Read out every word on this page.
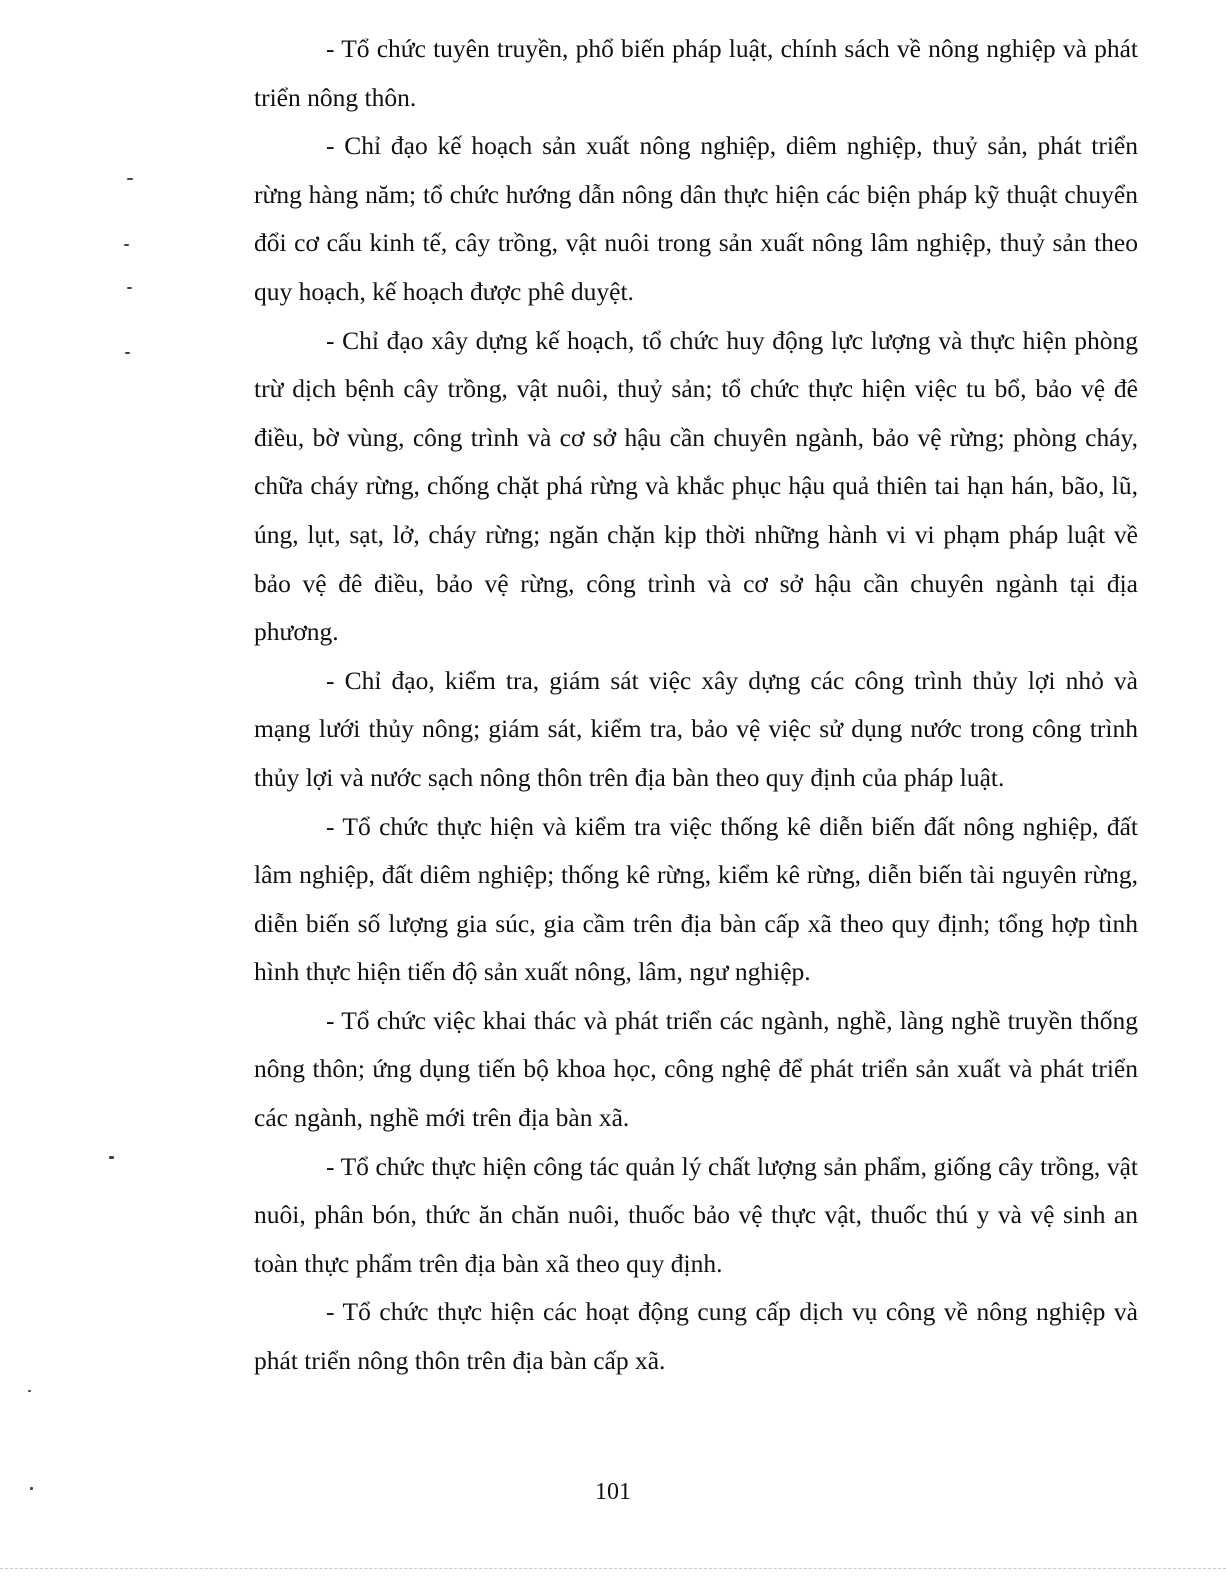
- Tổ chức tuyên truyền, phổ biến pháp luật, chính sách về nông nghiệp và phát triển nông thôn.

- Chỉ đạo kế hoạch sản xuất nông nghiệp, diêm nghiệp, thuỷ sản, phát triển rừng hàng năm; tổ chức hướng dẫn nông dân thực hiện các biện pháp kỹ thuật chuyển đổi cơ cấu kinh tế, cây trồng, vật nuôi trong sản xuất nông lâm nghiệp, thuỷ sản theo quy hoạch, kế hoạch được phê duyệt.

- Chỉ đạo xây dựng kế hoạch, tổ chức huy động lực lượng và thực hiện phòng trừ dịch bệnh cây trồng, vật nuôi, thuỷ sản; tổ chức thực hiện việc tu bổ, bảo vệ đê điều, bờ vùng, công trình và cơ sở hậu cần chuyên ngành, bảo vệ rừng; phòng cháy, chữa cháy rừng, chống chặt phá rừng và khắc phục hậu quả thiên tai hạn hán, bão, lũ, úng, lụt, sạt, lở, cháy rừng; ngăn chặn kịp thời những hành vi vi phạm pháp luật về bảo vệ đê điều, bảo vệ rừng, công trình và cơ sở hậu cần chuyên ngành tại địa phương.

- Chỉ đạo, kiểm tra, giám sát việc xây dựng các công trình thủy lợi nhỏ và mạng lưới thủy nông; giám sát, kiểm tra, bảo vệ việc sử dụng nước trong công trình thủy lợi và nước sạch nông thôn trên địa bàn theo quy định của pháp luật.

- Tổ chức thực hiện và kiểm tra việc thống kê diễn biến đất nông nghiệp, đất lâm nghiệp, đất diêm nghiệp; thống kê rừng, kiểm kê rừng, diễn biến tài nguyên rừng, diễn biến số lượng gia súc, gia cầm trên địa bàn cấp xã theo quy định; tổng hợp tình hình thực hiện tiến độ sản xuất nông, lâm, ngư nghiệp.

- Tổ chức việc khai thác và phát triển các ngành, nghề, làng nghề truyền thống nông thôn; ứng dụng tiến bộ khoa học, công nghệ để phát triển sản xuất và phát triển các ngành, nghề mới trên địa bàn xã.

- Tổ chức thực hiện công tác quản lý chất lượng sản phẩm, giống cây trồng, vật nuôi, phân bón, thức ăn chăn nuôi, thuốc bảo vệ thực vật, thuốc thú y và vệ sinh an toàn thực phẩm trên địa bàn xã theo quy định.

- Tổ chức thực hiện các hoạt động cung cấp dịch vụ công về nông nghiệp và phát triển nông thôn trên địa bàn cấp xã.

101
